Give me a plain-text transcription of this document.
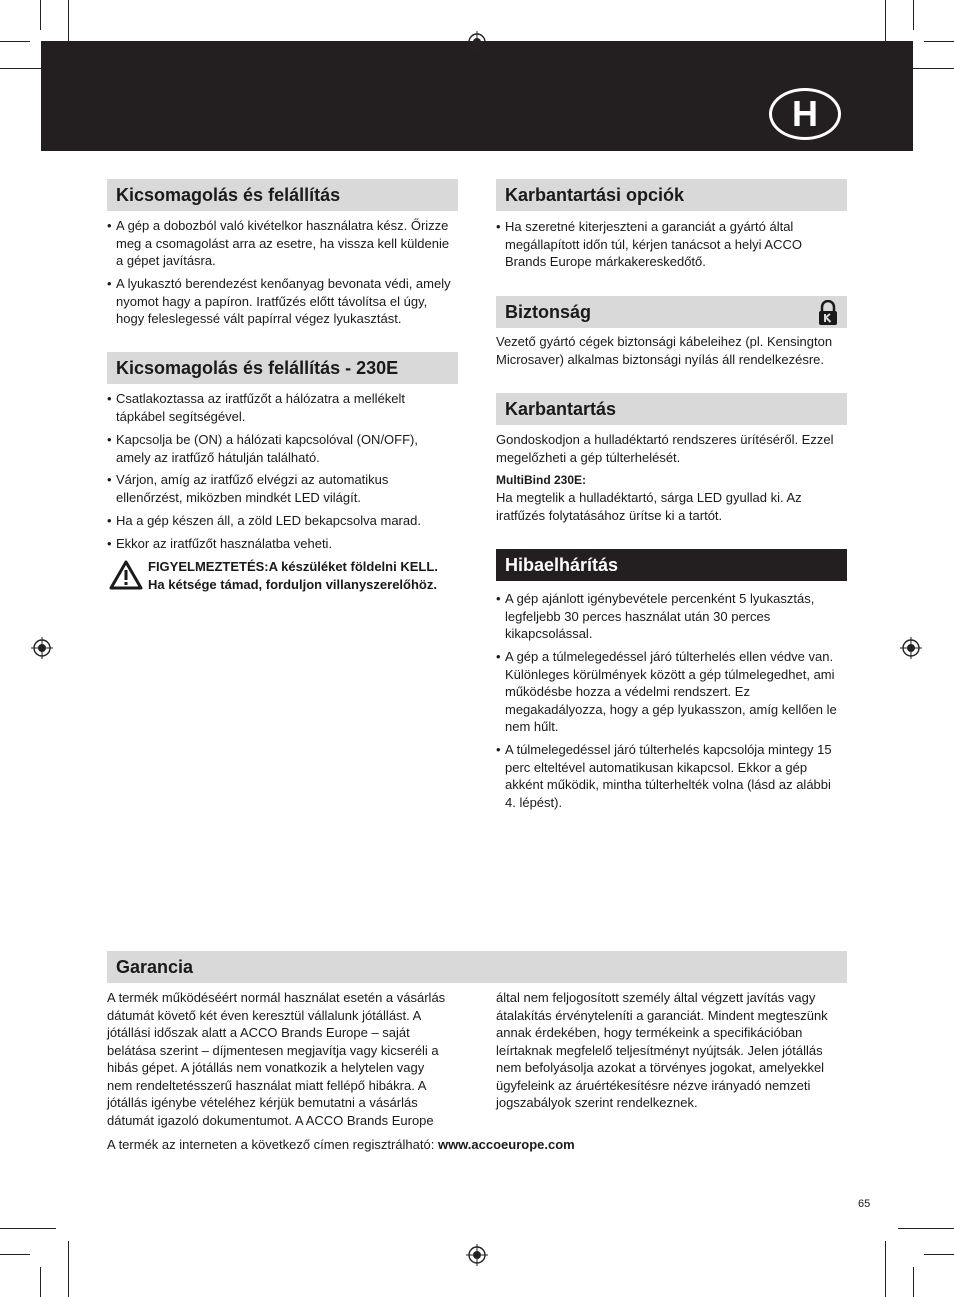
H
Kicsomagolás és felállítás
• A gép a dobozból való kivételkor használatra kész. Őrizze meg a csomagolást arra az esetre, ha vissza kell küldenie a gépet javításra.
• A lyukasztó berendezést kenőanyag bevonata védi, amely nyomot hagy a papíron. Iratfűzés előtt távolítsa el úgy, hogy feleslegessé vált papírral végez lyukasztást.
Kicsomagolás és felállítás - 230E
• Csatlakoztassa az iratfűzőt a hálózatra a mellékelt tápkábel segítségével.
• Kapcsolja be (ON) a hálózati kapcsolóval (ON/OFF), amely az iratfűző hátulján található.
• Várjon, amíg az iratfűző elvégzi az automatikus ellenőrzést, miközben mindkét LED világít.
• Ha a gép készen áll, a zöld LED bekapcsolva marad.
• Ekkor az iratfűzőt használatba veheti.
FIGYELMEZTETÉS:A készüléket földelni KELL.
Ha kétsége támad, forduljon villanyszerelőhöz.
Karbantartási opciók
• Ha szeretné kiterjeszteni a garanciát a gyártó által megállapított időn túl, kérjen tanácsot a helyi ACCO Brands Europe márkakereskedőtő.
Biztonság
Vezető gyártó cégek biztonsági kábeleihez (pl. Kensington Microsaver) alkalmas biztonsági nyílás áll rendelkezésre.
Karbantartás
Gondoskodjon a hulladéktartó rendszeres ürítéséről. Ezzel megelőzheti a gép túlterhelését.
MultiBind 230E:
Ha megtelik a hulladéktartó, sárga LED gyullad ki. Az iratfűzés folytatásához ürítse ki a tartót.
Hibaelhárítás
• A gép ajánlott igénybevétele percenként 5 lyukasztás, legfeljebb 30 perces használat után 30 perces kikapcsolással.
• A gép a túlmelegedéssel járó túlterhelés ellen védve van. Különleges körülmények között a gép túlmelegedhet, ami működésbe hozza a védelmi rendszert. Ez megakadályozza, hogy a gép lyukasszon, amíg kellően le nem hűlt.
• A túlmelegedéssel járó túlterhelés kapcsolója mintegy 15 perc elteltével automatikusan kikapcsol. Ekkor a gép akként működik, mintha túlterhelték volna (lásd az alábbi 4. lépést).
Garancia
A termék működéséért normál használat esetén a vásárlás dátumát követő két éven keresztül vállalunk jótállást. A jótállási időszak alatt a ACCO Brands Europe – saját belátása szerint – díjmentesen megjavítja vagy kicseréli a hibás gépet. A jótállás nem vonatkozik a helytelen vagy nem rendeltetésszerű használat miatt fellépő hibákra. A jótállás igénybe vételéhez kérjük bemutatni a vásárlás dátumát igazoló dokumentumot. A ACCO Brands Europe
által nem feljogosított személy által végzett javítás vagy átalakítás érvényteleníti a garanciát. Mindent megteszünk annak érdekében, hogy termékeink a specifikációban leírtaknak megfelelő teljesítményt nyújtsák. Jelen jótállás nem befolyásolja azokat a törvényes jogokat, amelyekkel ügyfeleink az áruértékesítésre nézve irányadó nemzeti jogszabályok szerint rendelkeznek.
A termék az interneten a következő címen regisztrálható: www.accoeurope.com
65
